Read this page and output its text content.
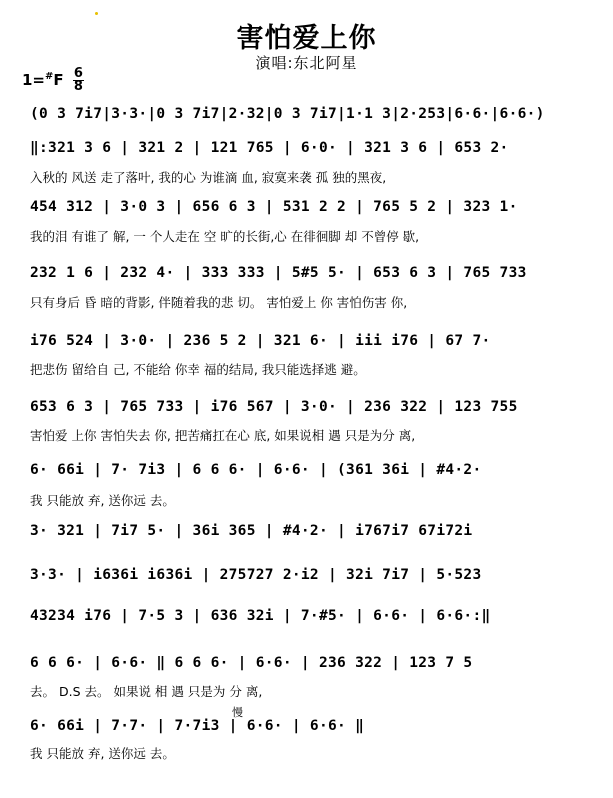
害怕爱上你
演唱:东北阿星
$1=^{\#}F \frac{6}{8}$
(0 3 7i7|3·3·|0 3 7i7|2·32|0 3 7i7|1·1 3|2·253|6·6·|6·6·)
‖:321 3 6 | 321 2 | 121 765 | 6·0· | 321 3 6 | 653 2·
入秋的 风送 走了落叶, 我的心 为谁滴 血, 寂寞来袭 孤 独的黑夜,
454 312 | 3·0 3 | 656 6 3 | 531 2 2 | 765 5 2 | 323 1·
我的泪 有谁了 解, 一 个人走在 空 旷的长街,心 在徘徊脚 却 不曾停 歇,
232 1 6 | 232 4· | 333 333 | 5#5 5· | 653 6 3 | 765 733
只有身后 昏 暗的背影, 伴随着我的悲 切。 害怕爱上 你 害怕伤害 你,
i76 524 | 3·0· | 236 5 2 | 321 6· | iii i76 | 67 7·
把悲伤 留给自 己, 不能给 你幸 福的结局, 我只能选择逃 避。
653 6 3 | 765 733 | i76 567 | 3·0· | 236 322 | 123 755
害怕爱 上你 害怕失去 你, 把苦痛扛在心 底, 如果说相 遇 只是为分 离,
6· 66i | 7· 7i3 | 6 6 6· | 6·6· | (361 36i | #4·2·
我 只能放 弃, 送你远 去。
3· 321 | 7i7 5· | 36i 365 | #4·2· | i767i7 67i72i
3·3· | i636i i636i | 275727 2·i2 | 32i 7i7 | 5·523
43234 i76 | 7·5 3 | 636 32i | 7·#5· | 6·6· | 6·6·:‖
6 6 6· | 6·6· ‖ 6 6 6· | 6·6· | 236 322 | 123 7 5
去。 D.S 去。 如果说 相 遇 只是为 分 离,
慢
6· 66i | 7·7· | 7·7i3 | 6·6· | 6·6· ‖
我 只能放 弃, 送你远 去。
